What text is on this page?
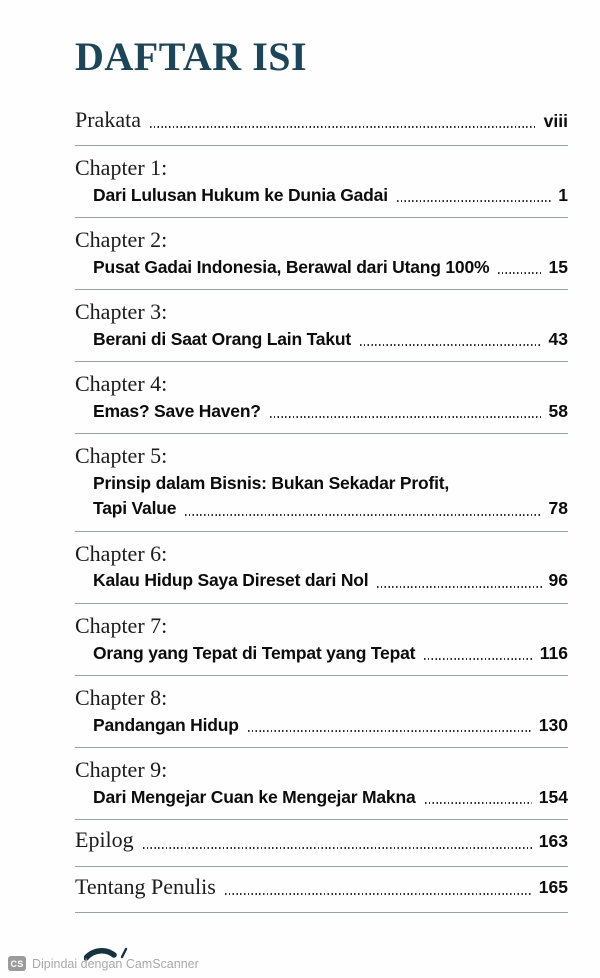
DAFTAR ISI
Prakata	viii
Chapter 1:
Dari Lulusan Hukum ke Dunia Gadai	1
Chapter 2:
Pusat Gadai Indonesia, Berawal dari Utang 100%	15
Chapter 3:
Berani di Saat Orang Lain Takut	43
Chapter 4:
Emas? Save Haven?	58
Chapter 5:
Prinsip dalam Bisnis: Bukan Sekadar Profit,
Tapi Value	78
Chapter 6:
Kalau Hidup Saya Direset dari Nol	96
Chapter 7:
Orang yang Tepat di Tempat yang Tepat	116
Chapter 8:
Pandangan Hidup	130
Chapter 9:
Dari Mengejar Cuan ke Mengejar Makna	154
Epilog	163
Tentang Penulis	165
CS Dipindai dengan CamScanner
